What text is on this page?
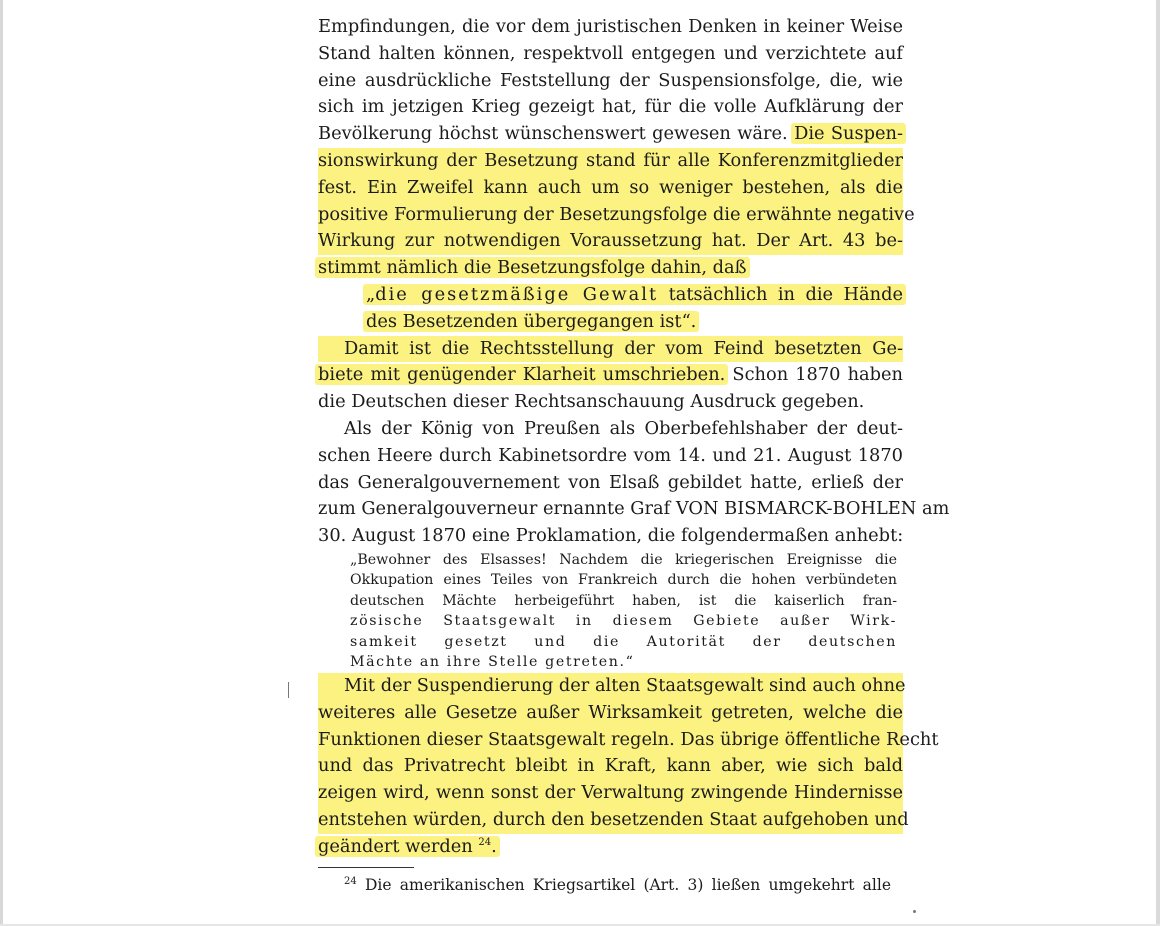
Empfindungen, die vor dem juristischen Denken in keiner Weise
Stand halten können, respektvoll entgegen und verzichtete auf
eine ausdrückliche Feststellung der Suspensionsfolge, die, wie
sich im jetzigen Krieg gezeigt hat, für die volle Aufklärung der
Bevölkerung höchst wünschenswert gewesen wäre. Die Suspen-
sionswirkung der Besetzung stand für alle Konferenzmitglieder
fest. Ein Zweifel kann auch um so weniger bestehen, als die
positive Formulierung der Besetzungsfolge die erwähnte negative
Wirkung zur notwendigen Voraussetzung hat. Der Art. 43 be-
stimmt nämlich die Besetzungsfolge dahin, daß
„die gesetzmäßige Gewalt tatsächlich in die Hände
des Besetzenden übergegangen ist“.
Damit ist die Rechtsstellung der vom Feind besetzten Ge-
biete mit genügender Klarheit umschrieben. Schon 1870 haben
die Deutschen dieser Rechtsanschauung Ausdruck gegeben.
Als der König von Preußen als Oberbefehlshaber der deut-
schen Heere durch Kabinetsordre vom 14. und 21. August 1870
das Generalgouvernement von Elsaß gebildet hatte, erließ der
zum Generalgouverneur ernannte Graf VON BISMARCK-BOHLEN am
30. August 1870 eine Proklamation, die folgendermaßen anhebt:
„Bewohner des Elsasses! Nachdem die kriegerischen Ereignisse die
Okkupation eines Teiles von Frankreich durch die hohen verbündeten
deutschen Mächte herbeigeführt haben, ist die kaiserlich fran-
zösische Staatsgewalt in diesem Gebiete außer Wirk-
samkeit gesetzt und die Autorität der deutschen
Mächte an ihre Stelle getreten.“
Mit der Suspendierung der alten Staatsgewalt sind auch ohne
weiteres alle Gesetze außer Wirksamkeit getreten, welche die
Funktionen dieser Staatsgewalt regeln. Das übrige öffentliche Recht
und das Privatrecht bleibt in Kraft, kann aber, wie sich bald
zeigen wird, wenn sonst der Verwaltung zwingende Hindernisse
entstehen würden, durch den besetzenden Staat aufgehoben und
geändert werden $^{24}$.
$^{24}$ Die amerikanischen Kriegsartikel (Art. 3) ließen umgekehrt alle
